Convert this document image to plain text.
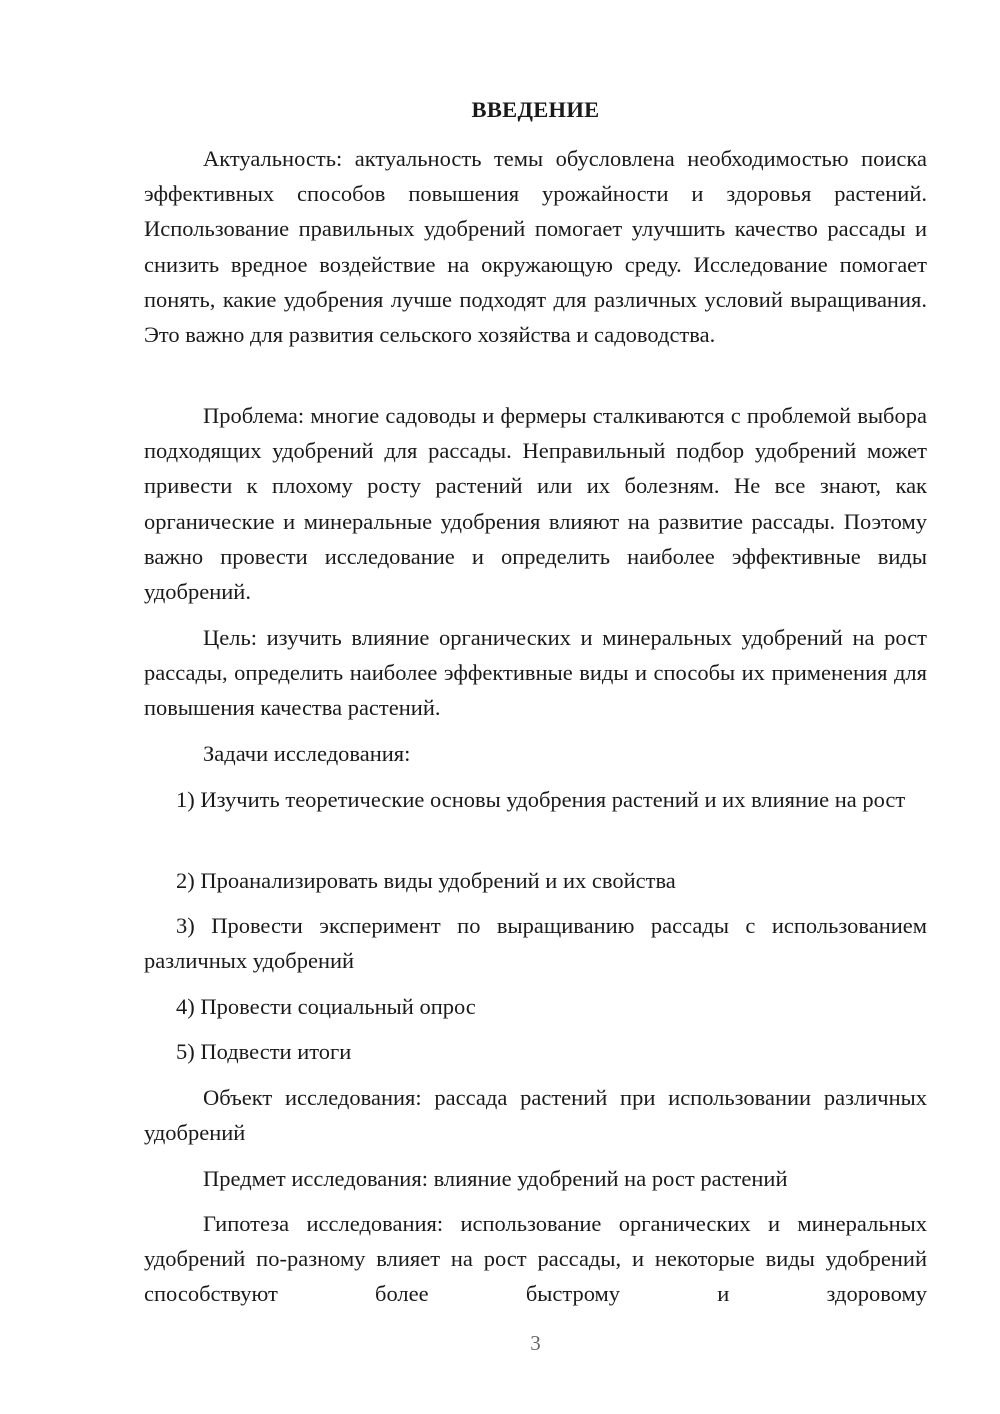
ВВЕДЕНИЕ

Актуальность: актуальность темы обусловлена необходимостью поиска эффективных способов повышения урожайности и здоровья растений. Использование правильных удобрений помогает улучшить качество рассады и снизить вредное воздействие на окружающую среду. Исследование помогает понять, какие удобрения лучше подходят для различных условий выращивания. Это важно для развития сельского хозяйства и садоводства.

Проблема: многие садоводы и фермеры сталкиваются с проблемой выбора подходящих удобрений для рассады. Неправильный подбор удобрений может привести к плохому росту растений или их болезням. Не все знают, как органические и минеральные удобрения влияют на развитие рассады. Поэтому важно провести исследование и определить наиболее эффективные виды удобрений.

Цель: изучить влияние органических и минеральных удобрений на рост рассады, определить наиболее эффективные виды и способы их применения для повышения качества растений.

Задачи исследования:

1) Изучить теоретические основы удобрения растений и их влияние на рост

2) Проанализировать виды удобрений и их свойства

3) Провести эксперимент по выращиванию рассады с использованием различных удобрений

4) Провести социальный опрос

5) Подвести итоги

Объект исследования: рассада растений при использовании различных удобрений

Предмет исследования: влияние удобрений на рост растений

Гипотеза исследования: использование органических и минеральных удобрений по-разному влияет на рост рассады, и некоторые виды удобрений способствуют более быстрому и здоровому

3
